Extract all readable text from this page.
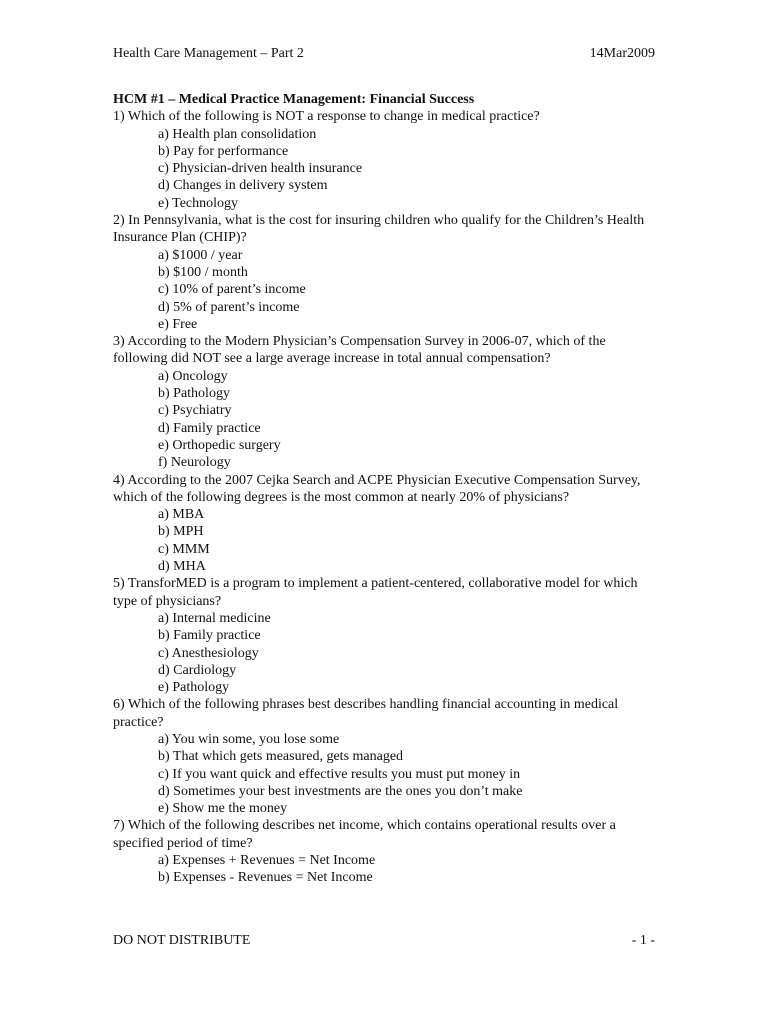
Health Care Management – Part 2	14Mar2009
HCM #1 – Medical Practice Management: Financial Success
1) Which of the following is NOT a response to change in medical practice?
a) Health plan consolidation
b) Pay for performance
c) Physician-driven health insurance
d) Changes in delivery system
e) Technology
2) In Pennsylvania, what is the cost for insuring children who qualify for the Children’s Health Insurance Plan (CHIP)?
a) $1000 / year
b) $100 / month
c) 10% of parent’s income
d) 5% of parent’s income
e) Free
3) According to the Modern Physician’s Compensation Survey in 2006-07, which of the following did NOT see a large average increase in total annual compensation?
a) Oncology
b) Pathology
c) Psychiatry
d) Family practice
e) Orthopedic surgery
f) Neurology
4) According to the 2007 Cejka Search and ACPE Physician Executive Compensation Survey, which of the following degrees is the most common at nearly 20% of physicians?
a) MBA
b) MPH
c) MMM
d) MHA
5) TransforMED is a program to implement a patient-centered, collaborative model for which type of physicians?
a) Internal medicine
b) Family practice
c) Anesthesiology
d) Cardiology
e) Pathology
6) Which of the following phrases best describes handling financial accounting in medical practice?
a) You win some, you lose some
b) That which gets measured, gets managed
c) If you want quick and effective results you must put money in
d) Sometimes your best investments are the ones you don’t make
e) Show me the money
7) Which of the following describes net income, which contains operational results over a specified period of time?
a) Expenses + Revenues = Net Income
b) Expenses - Revenues = Net Income
DO NOT DISTRIBUTE	- 1 -
